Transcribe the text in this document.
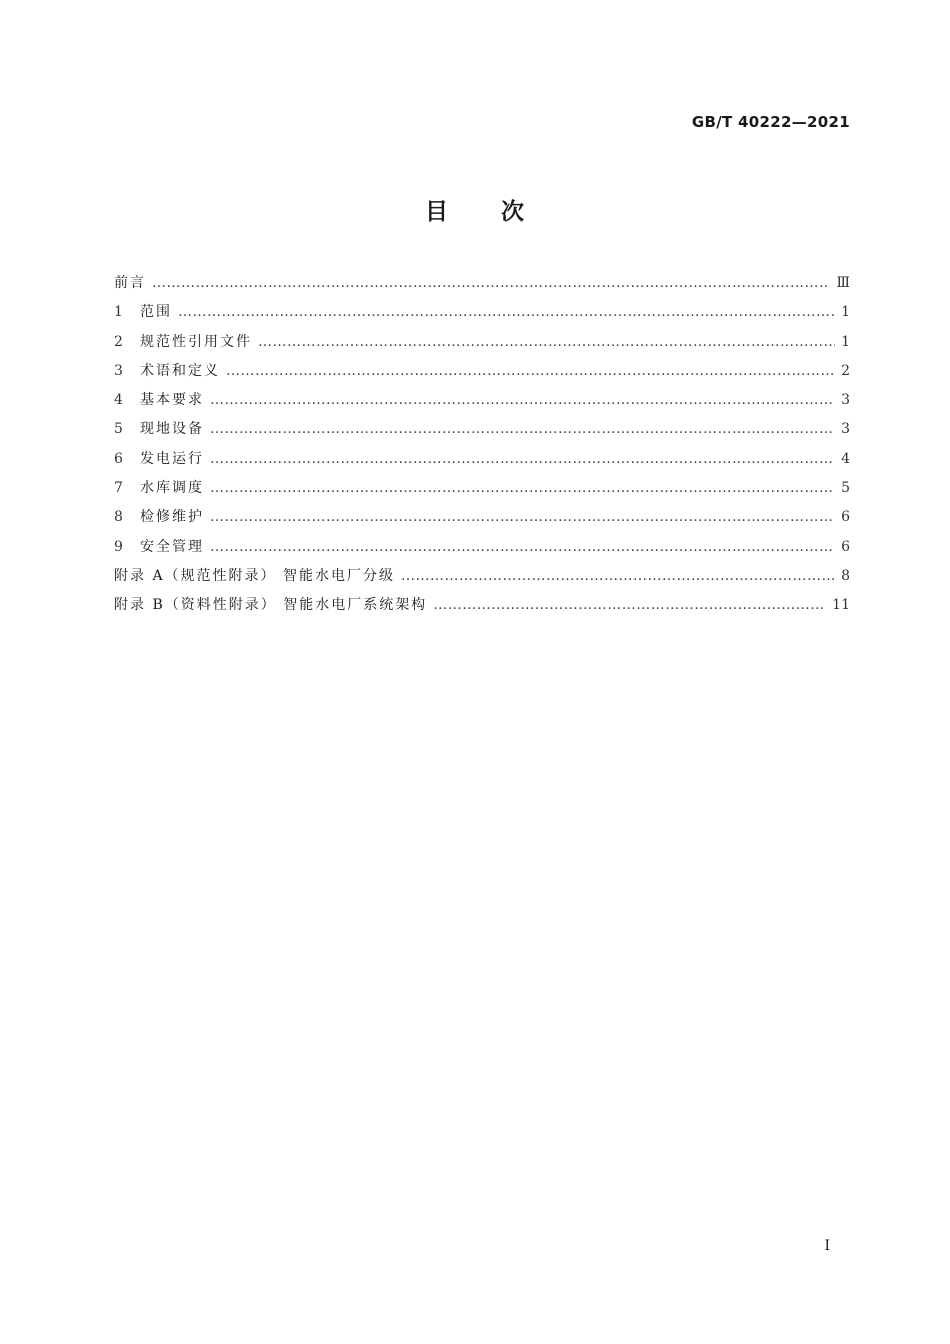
GB/T 40222—2021
目 次
前言 …………………………………………………………………………………………………………………………………………………………………………	Ⅲ
1	范围 …………………………………………………………………………………………………………………………………………………………………………	1
2	规范性引用文件 …………………………………………………………………………………………………………………………………………………………………………	1
3	术语和定义 …………………………………………………………………………………………………………………………………………………………………………	2
4	基本要求 …………………………………………………………………………………………………………………………………………………………………………	3
5	现地设备 …………………………………………………………………………………………………………………………………………………………………………	3
6	发电运行 …………………………………………………………………………………………………………………………………………………………………………	4
7	水库调度 …………………………………………………………………………………………………………………………………………………………………………	5
8	检修维护 …………………………………………………………………………………………………………………………………………………………………………	6
9	安全管理 …………………………………………………………………………………………………………………………………………………………………………	6
附录 A（规范性附录） 智能水电厂分级 …………………………………………………………………………………………………………………………………………………………………………	8
附录 B（资料性附录） 智能水电厂系统架构 …………………………………………………………………………………………………………………………………………………………………………	11
I
